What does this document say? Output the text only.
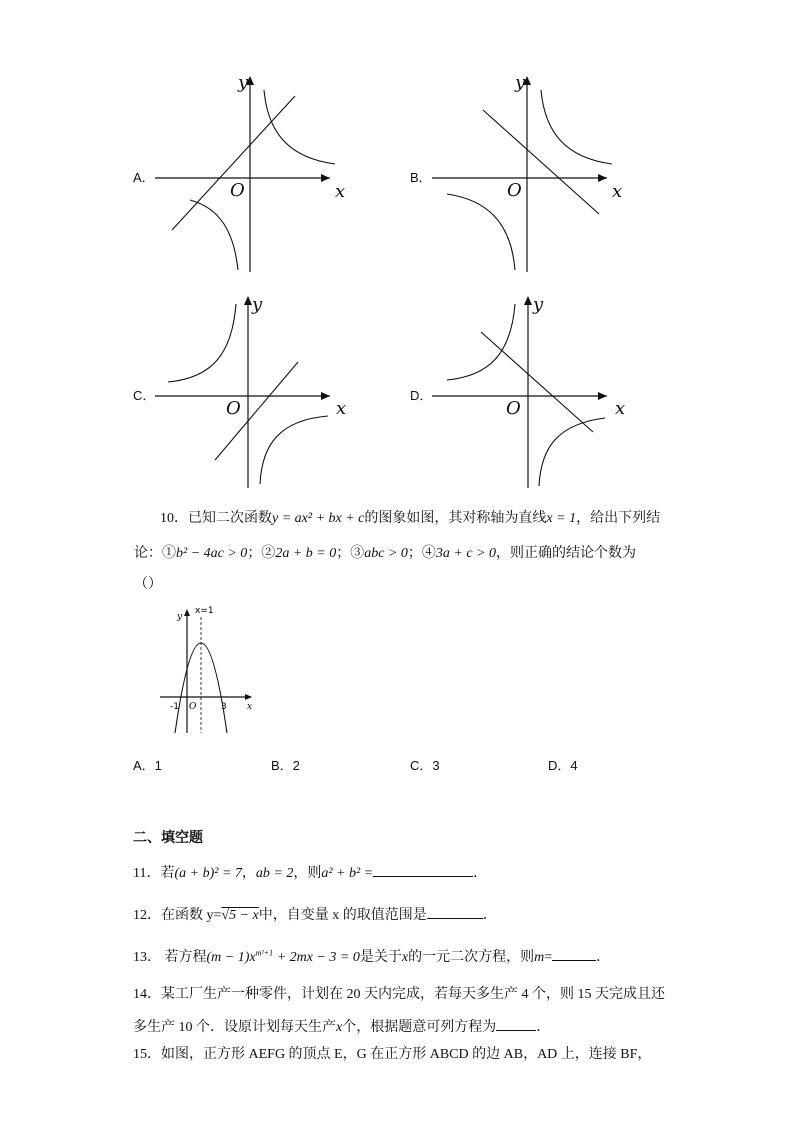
A．
y
x
O
B．
y
x
O
C．
y
x
O
D．
y
x
O
10．已知二次函数y = ax² + bx + c的图象如图，其对称轴为直线x = 1，给出下列结
论：①b² − 4ac > 0；②2a + b = 0；③abc > 0；④3a + c > 0，则正确的结论个数为
（）
x=1
y
x
O
-1	3
A．1	B．2	C．3	D．4
二、填空题
11．若(a + b)² = 7，ab = 2，则a² + b² =	．
12．在函数 y=√5 − x中，自变量 x 的取值范围是	．
13． 若方程$(m - 1)x^{m^2+1} + 2mx - 3 = 0$是关于x的一元二次方程，则m=	．
14．某工厂生产一种零件，计划在 20 天内完成，若每天多生产 4 个，则 15 天完成且还
多生产 10 个．设原计划每天生产x个，根据题意可列方程为	．
15．如图，正方形 AEFG 的顶点 E，G 在正方形 ABCD 的边 AB，AD 上，连接 BF，
